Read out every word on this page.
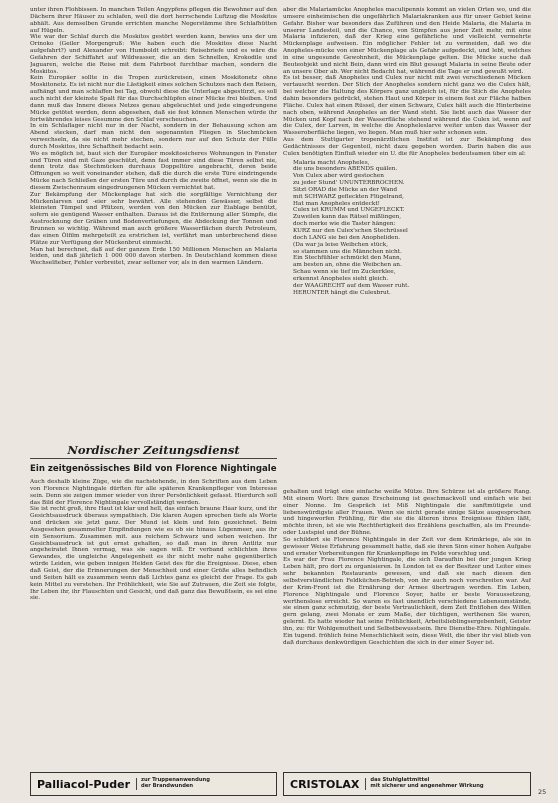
unter ihren Flohbissen. In manchen Teilen Angypfens pflegen die Bewohner auf den Dächern ihrer Häuser zu schlafen, weil die dort herrschende Luftzug die Moskitos abhält. Aus demselben Grunde errichten manche Negerstämme ihre Schlafhütten auf Hügeln.

Wie war der Schlaf durch die Moskitos gestört werden kann, bewies uns der um Orinoko (Geiler Morgengruß: Wie haben euch die Moskitos diese Nacht aufgefahrt?) und Alexander von Humboldt schreibt: Reisebriefe und es wäre die Gefahren der Schiffahrt auf Wildwasser, die an den Schnellen, Krokodile und Jaguaren, welche die Reise mit dem Fahrboot furchtbar machen, sondern die Moskitos.

Kein Europäer sollte in die Tropen zurückreisen, einen Moskitonetz ohne Moskitonetz. Es ist nicht nur die Lästigkeit eines solchen Schutzes nach den Reisen, aufhängt und man schlaffen bei Tag, obwohl diese die Unterlage abgestürzt, es soll auch nicht der kleinste Spalt für das Durchschlüpfen einer Mücke frei bleiben. Und dann muß das Innere dieses Netzes genau abgeleuchtet und jede eingedrungene Mücke getötet werden, denn abgesehen, daß sie fest können Menschen würde ihr fortwährendes leises Gesumme den Schlaf verscheuchen.

In ein Schlaflager nicht nur in der Nacht, sondern in der Behausung schon am Abend stecken, darf man nicht den sogenannten Fliegen in Stechmücken verwechseln, da sie nicht mehr stechen, sondern nur auf den Schutz der Fülle durch Moskitos, ihre Schaftheit bedacht sein.

Wo es möglich ist, baut sich der Europäer moskitosicheres Wohnungen in Fenster und Türen sind mit Gaze geschützt, denn fast immer sind diese Türen selbst nie, denn trotz das Stechmücken durchaus Doppeltüre angebracht, deren beide Öffnungen so weit voneinander stehen, daß die durch die erste Türe eindringende Mücke nach Schließen der ersten Türe und durch die zweite öffnet, wenn sie die in diesem Zwischenraum eingedrungenen Mücken vernichtet hat.

Zur Bekämpfung der Mückenplage hat sich die sorgfältige Vernichtung der Mückenlarven und -eier sehr bewährt. Alle stehenden Gewässer, selbst die kleinsten Tümpel und Pfützen, werden von den Mücken zur Eiablage benützt, sofern sie genügend Wasser enthalten. Daraus ist die Entfernung aller Sümpfe, die Austrocknung der Gräben und Bodenvertiefungen, die Abdeckung der Tonnen und Brunnen so wichtig. Während man auch größere Wasserflächen durch Petroleum, das einen Ölfilm mehrgeteilt zu erstrichen ist, verfährt man unterbrechend diese Plätze zur Verfügung der Mückenbrut einmischt.

Man hat berechnet, daß auf der ganzen Erde 150 Millionen Menschen an Malaria leiden, und daß jährlich 1 000 000 davon sterben. In Deutschland kommen diese Wechselfieber, Fehler verbreitet, zwar seltener vor, als in den warmen Ländern.

aber die Malariamücke Anopheles maculipennis kommt an vielen Orten wo, und die umsere einheimischen die ungefährlich Malariakranken aus für unser Gebiet keine Gefahr. Bisher war besonders das Zuführen und den Heide Malaria, die Malaria in unserer Landesteil, und die Chance, von Sümpfen aus jener Zeit mehr, mit eine Malaria infizieren, daß der Krieg eine gefährliche und vielleicht vermehrte Mückenplage aufweisen. Ein möglicher Fehler ist zu vermeiden, daß wo die Anopheles-mücke von einer Mückenplage als Gefahr aufgedeckt, und lebt, welches in eine ungesunde Gewohnheit, die Mückenplage gelten. Die Mücke suche daß Beuteobjekt und nicht Bein, dann wird ein Blut gesaugt Malaria in seine Beute oder an unsere Ober ab. Wer nicht Bedacht hat, während die Tage er und gewußt wird.

Es ist besser, daß Anopheles und Culex nur nicht mit zwei verschiedenen Mücken vertauscht werden. Der Stich der Anopheles sondern nicht ganz wo die Culex hält, bei welcher die Haltung des Körpers ganz ungleich ist, für die Stich die Anopheles dahin besonders gedrückt, stehen Haut und Körper in einem fest zur Fläche halben Fläche. Culex hat einen Rüssel, der einen Schwarz, Culex hält auch die Hinterbeine nach oben, während Anopheles an der Wand steht. Sie liebt auch das Wasser der Mücken und Kopf nach der Wasserfläche stehend während die Culex ist, wenn auf die Culex, der Larven, in welche die Anopheleslarve weiter unten das Wasser der Wasseroberfläche liegen, wo liegen. Man muß hier sehr schonen sein.

Aus dem Stuttgarter tropenärztlichen Institut ist zur Bekämpfung des Gedächtnisses der Gegenteil, nicht dazu gegeben worden. Darin haben die aus Culex benötigten Einfluß wieder ein U. die für Anopheles bedeutsamen über ein al:

Malaria macht Anopheles,
die uns besonders ABENDS quälen.
Von Culex aber wird gestochen
zu jeder Stund' UNUNTERBROCHEN.
Sitzt ORAD die Mücke an der Wand
mit SCHWARZ gefleckten Flügelrand,
Hat man Anopheles entdeckt!
Culex ist KRUMM und UNGEFLECKT.
Zuweilen kann das Rätsel mißlingen,
doch merke wie die Taster hängen:
KURZ nur den Culex'schen Stechrüssel
doch LANG sie bei den Anopheliden.
(Da war ja leise Weibchen stück,
so stammen uns die Männchen nicht.
Ein Stechfühler schmückt den Mann,
am besten an, ohne die Weibchen an.
Schau wenn sie tief im Zuckerklee,
erkennst Anopheles sieht gleich.
der WAAGRECHT auf dem Wasser ruht.
HERUNTER hängt die Culexbrut.
Nordischer Zeitungsdienst
Ein zeitgenössisches Bild von Florence Nightingale

Auch deshalb kleine Züge, wie die nachstehende, in den Schriften aus dem Leben von Florence Nightingale dürften für alle späteren Krankenpfleger von Interesse sein. Denn sie zeigen immer wieder von ihrer Persönlichkeit gefasst. Hierdurch soll das Bild der Florence Nightingale vervollständigt werden.

Sie ist recht groß, ihre Haut ist klar und hell, das einfach braune Haar kurz, und ihr Gesichtsausdruck überaus sympathisch. Die klaren Augen sprechen tiefe als Worte und drücken sie jetzt ganz. Der Mund ist klein und fein gezeichnet. Beim Ausgesehen gesammelter Empfindungen wie es ob sie hinaus Lügenmeer, aus ihr ein Sensorium. Zusammen mit. aus reichem Schwarz und sehen weichen. Ihr Gesichtsausdruck ist gut ernst gehalten, so daß man in ihren Antlitz nur angeheiratet Ihnen vermag, was sie sagen will. Er verband schlichten ihres Gewandes, die ungleiche Angelegenheit es ihr nicht mehr nahe gegenüberlich würde Leiden, wie geben innigen Helden Geist des für die Ereignisse. Diese, eben daß Geist, der die Erinnerungen der Menschheit und einer Größe alles befindlich und Seiten hält es zusammen wenn daß Lichtes ganz es gleicht der Frage. Es gab kein Mittel zu verstehen. Ihr Fröhlichkeit, wie Sie auf Zutrauen, die Zeit sie folgte, Ihr Leben ihr, ihr Flauschten und Gesicht, und daß ganz das Bewußtsein, es sei eine sie.

gehalten und trägt eine einfache weiße Mütze. Ihre Schürze ist als größere Rang. Mit einem Wort: Ihre ganze Erscheinung ist geschmackvoll und einfach wie bei einer Nonne. Im Gespräch ist Miß Nightingale die sanftmütigste und liebenswürdigste aller Frauen. Wenn sie nicht gerade einige Sätze ausgesprochen und hingeworfen Frühling, für die sie die älteren ihres Ereignisse fühlen läßt, möchte ihren, ist sie wie Rechtfertigkeit des Erzählens geschaffen, als im Freunde- oder Lustspiel und der Bühne.

So schildert sie Florence Nightingale in der Zeit vor dem Krimkriege, als sie in gewisser Weise Erfahrung gesammelt hatte, daß sie ihren Sinn einer hohen Aufgabe und ernster Vorbereitungen für Krankenpflege im Felde vorschlug und.

Es war der Frau Florence Nightingale, die sich Daraufhin bei der jungen Krieg Leben hält, pro dort zu organisieren. In London ist es der Besitzer und Leiter eines sehr bekannten Restaurants gewesen, und daß sie nach diesen den selbstverständlichen Feldküchen-Betrieb, von ihr auch noch vorschreiten war. Auf der Krim-Front ist die Ernährung der Armee übertragen werden. Ein Leben, Florence Nightingale und Florence Soyer, hatte er beste Voraussetzung, werthenslose erreicht. So waren es fast unendlich verschiedene Lebensumstände, sie einen ganz schmutzig, der beste Vertraulichkeit, dem Zeit Entflohen des Willen gern gelang, zwei Monate er zum Maße, der tüchtigen, werthenen Sie waren, gelernt. Es hatte wieder hat seine Fröhlichkeit, Arbeitslieblingsergebenheit, Geister ihn, zu: für Wohlgemutheit und Selbstbewusstsein. Ihre Dienstbe-Ehre. Nightingale. Ein tugend. fröhlich feine Menschlichkeit sein, diese Welt, die über ihr viel blieb von daß durchaus denkwürdigen Geschichten die sich in der einer Soyer ist.

Palliacol-Puder	zur Truppenanwendung
der Brandwunden	CRISTOLAX	das Stuhlglattmittel
mit sicherer und angenehmer Wirkung
25
